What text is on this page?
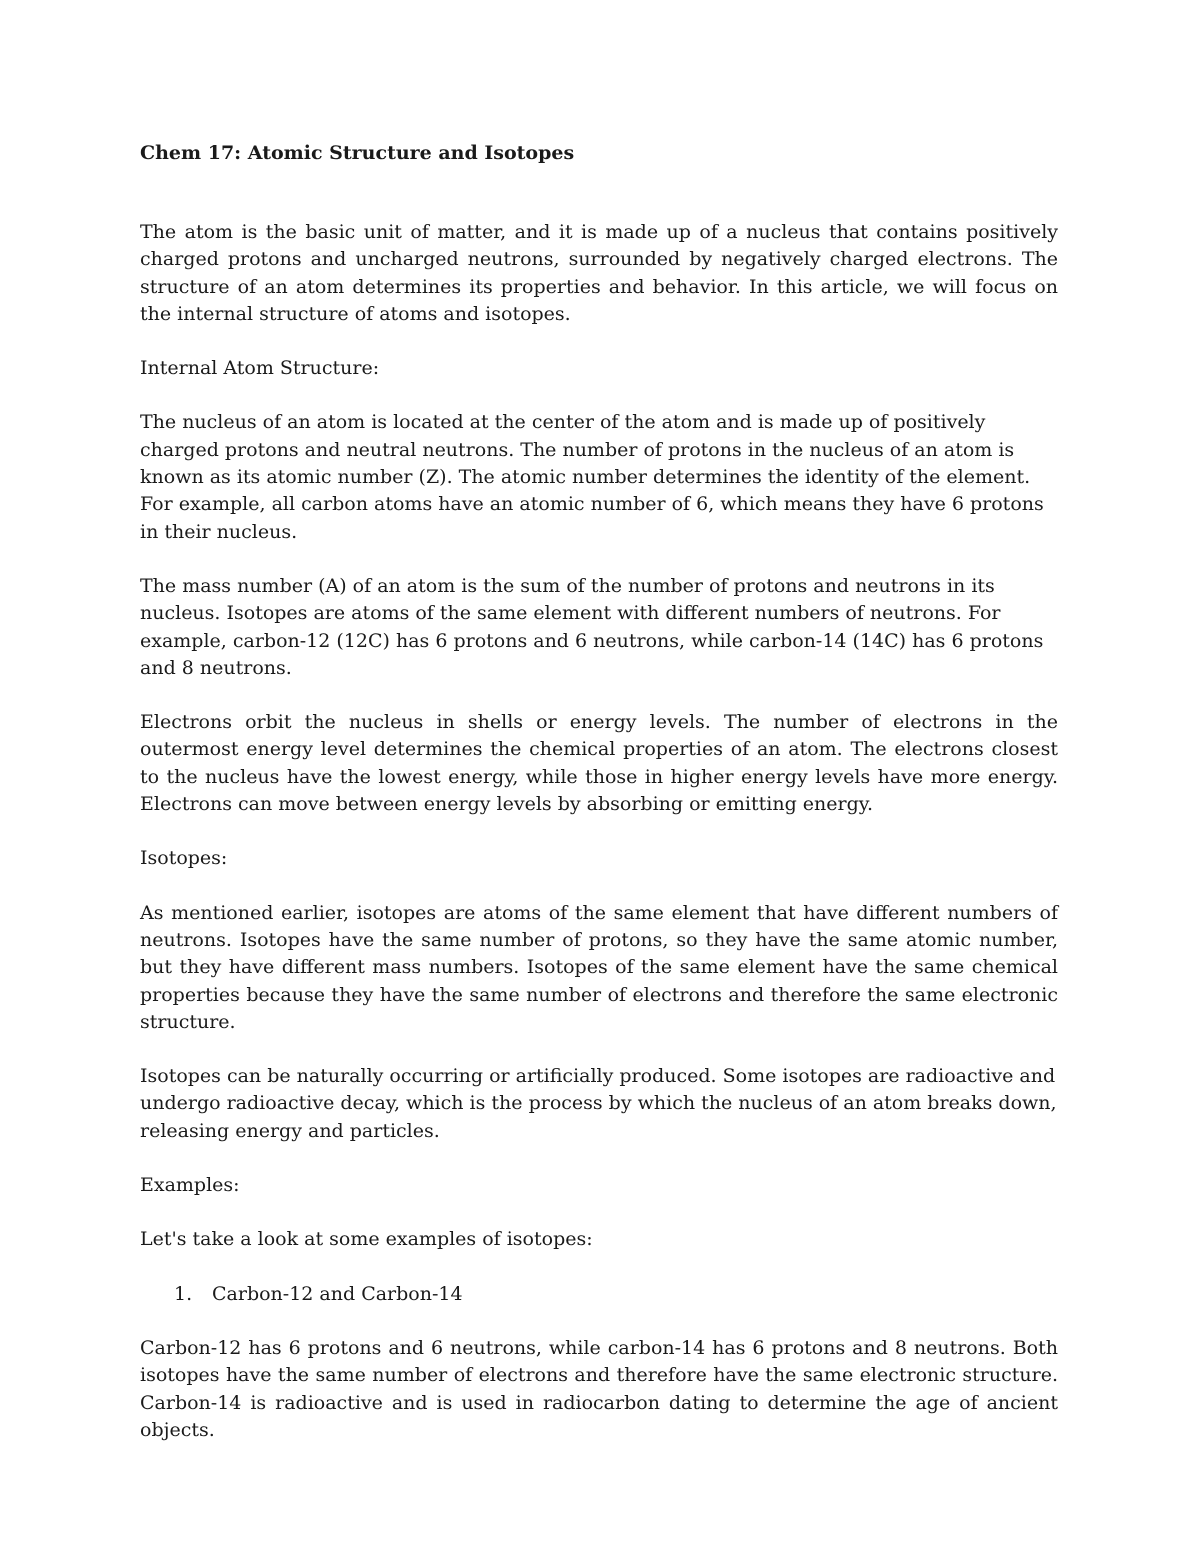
Chem 17: Atomic Structure and Isotopes
The atom is the basic unit of matter, and it is made up of a nucleus that contains positively charged protons and uncharged neutrons, surrounded by negatively charged electrons. The structure of an atom determines its properties and behavior. In this article, we will focus on the internal structure of atoms and isotopes.
Internal Atom Structure:
The nucleus of an atom is located at the center of the atom and is made up of positively charged protons and neutral neutrons. The number of protons in the nucleus of an atom is known as its atomic number (Z). The atomic number determines the identity of the element. For example, all carbon atoms have an atomic number of 6, which means they have 6 protons in their nucleus.
The mass number (A) of an atom is the sum of the number of protons and neutrons in its nucleus. Isotopes are atoms of the same element with different numbers of neutrons. For example, carbon-12 (12C) has 6 protons and 6 neutrons, while carbon-14 (14C) has 6 protons and 8 neutrons.
Electrons orbit the nucleus in shells or energy levels. The number of electrons in the outermost energy level determines the chemical properties of an atom. The electrons closest to the nucleus have the lowest energy, while those in higher energy levels have more energy. Electrons can move between energy levels by absorbing or emitting energy.
Isotopes:
As mentioned earlier, isotopes are atoms of the same element that have different numbers of neutrons. Isotopes have the same number of protons, so they have the same atomic number, but they have different mass numbers. Isotopes of the same element have the same chemical properties because they have the same number of electrons and therefore the same electronic structure.
Isotopes can be naturally occurring or artificially produced. Some isotopes are radioactive and undergo radioactive decay, which is the process by which the nucleus of an atom breaks down, releasing energy and particles.
Examples:
Let's take a look at some examples of isotopes:
1.	Carbon-12 and Carbon-14
Carbon-12 has 6 protons and 6 neutrons, while carbon-14 has 6 protons and 8 neutrons. Both isotopes have the same number of electrons and therefore have the same electronic structure. Carbon-14 is radioactive and is used in radiocarbon dating to determine the age of ancient objects.
